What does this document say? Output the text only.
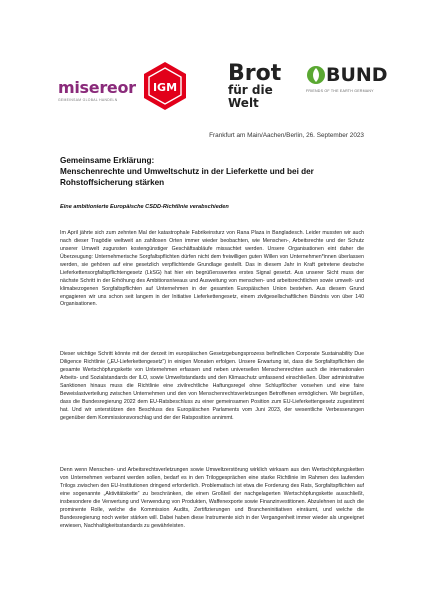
misereor
GEMEINSAM GLOBAL HANDELN
IGM
Brot
für die Welt
BUND
FRIENDS OF THE EARTH GERMANY
Frankfurt am Main/Aachen/Berlin, 26. September 2023
Gemeinsame Erklärung:
Menschenrechte und Umweltschutz in der Lieferkette und bei der Rohstoffsicherung stärken
Eine ambitionierte Europäische CSDD-Richtlinie verabschieden

Im April jährte sich zum zehnten Mal der katastrophale Fabrikeinsturz von Rana Plaza in Bangladesch. Leider mussten wir auch nach dieser Tragödie weltweit an zahllosen Orten immer wieder beobachten, wie Menschen-, Arbeitsrechte und der Schutz unserer Umwelt zugunsten kostengünstiger Geschäftsabläufe missachtet werden. Unsere Organisationen eint daher die Überzeugung: Unternehmerische Sorgfaltspflichten dürfen nicht dem freiwilligen guten Willen von Unternehmen*innen überlassen werden, sie gehören auf eine gesetzlich verpflichtende Grundlage gestellt. Das in diesem Jahr in Kraft getretene deutsche Lieferkettensorgfaltspflichtengesetz (LkSG) hat hier ein begrüßenswertes erstes Signal gesetzt. Aus unserer Sicht muss der nächste Schritt in der Erhöhung des Ambitionsniveaus und Ausweitung von menschen- und arbeitsrechtlichen sowie umwelt- und klimabezogenen Sorgfaltspflichten auf Unternehmen in der gesamten Europäischen Union bestehen. Aus diesem Grund engagieren wir uns schon seit langem in der Initiative Lieferkettengesetz, einem zivilgesellschaftlichen Bündnis von über 140 Organisationen.

Dieser wichtige Schritt könnte mit der derzeit im europäischen Gesetzgebungsprozess befindlichen Corporate Sustainability Due Diligence Richtlinie („EU-Lieferkettengesetz“) in einigen Monaten erfolgen. Unsere Erwartung ist, dass die Sorgfaltspflichten die gesamte Wertschöpfungskette von Unternehmen erfassen und neben universellen Menschenrechten auch die internationalen Arbeits- und Sozialstandards der ILO, sowie Umweltstandards und den Klimaschutz umfassend einschließen. Über administrative Sanktionen hinaus muss die Richtlinie eine zivilrechtliche Haftungsregel ohne Schlupflöcher vorsehen und eine faire Beweislastverteilung zwischen Unternehmen und den von Menschenrechtsverletzungen Betroffenen ermöglichen. Wir begrüßen, dass die Bundesregierung 2022 dem EU-Ratsbeschluss zu einer gemeinsamen Position zum EU-Lieferkettengesetz zugestimmt hat. Und wir unterstützen den Beschluss des Europäischen Parlaments vom Juni 2023, der wesentliche Verbesserungen gegenüber dem Kommissionsvorschlag und der der Ratsposition annimmt.

Denn wenn Menschen- und Arbeitsrechtsverletzungen sowie Umweltzerstörung wirklich wirksam aus den Wertschöpfungsketten von Unternehmen verbannt werden sollen, bedarf es in den Triloggesprächen eine starke Richtlinie im Rahmen des laufenden Trilogs zwischen den EU-Institutionen dringend erforderlich. Problematisch ist etwa die Forderung des Rats, Sorgfaltspflichten auf eine sogenannte „Aktivitätskette“ zu beschränken, die einen Großteil der nachgelagerten Wertschöpfungskette ausschließt, insbesondere die Verwertung und Verwendung von Produkten, Waffenexporte sowie Finanzinvestitionen. Abzulehnen ist auch die prominente Rolle, welche die Kommission Audits, Zertifizierungen und Brancheninitiativen einräumt, und welche die Bundesregierung noch weiter stärken will. Dabei haben diese Instrumente sich in der Vergangenheit immer wieder als ungeeignet erwiesen, Nachhaltigkeitsstandards zu gewährleisten.
